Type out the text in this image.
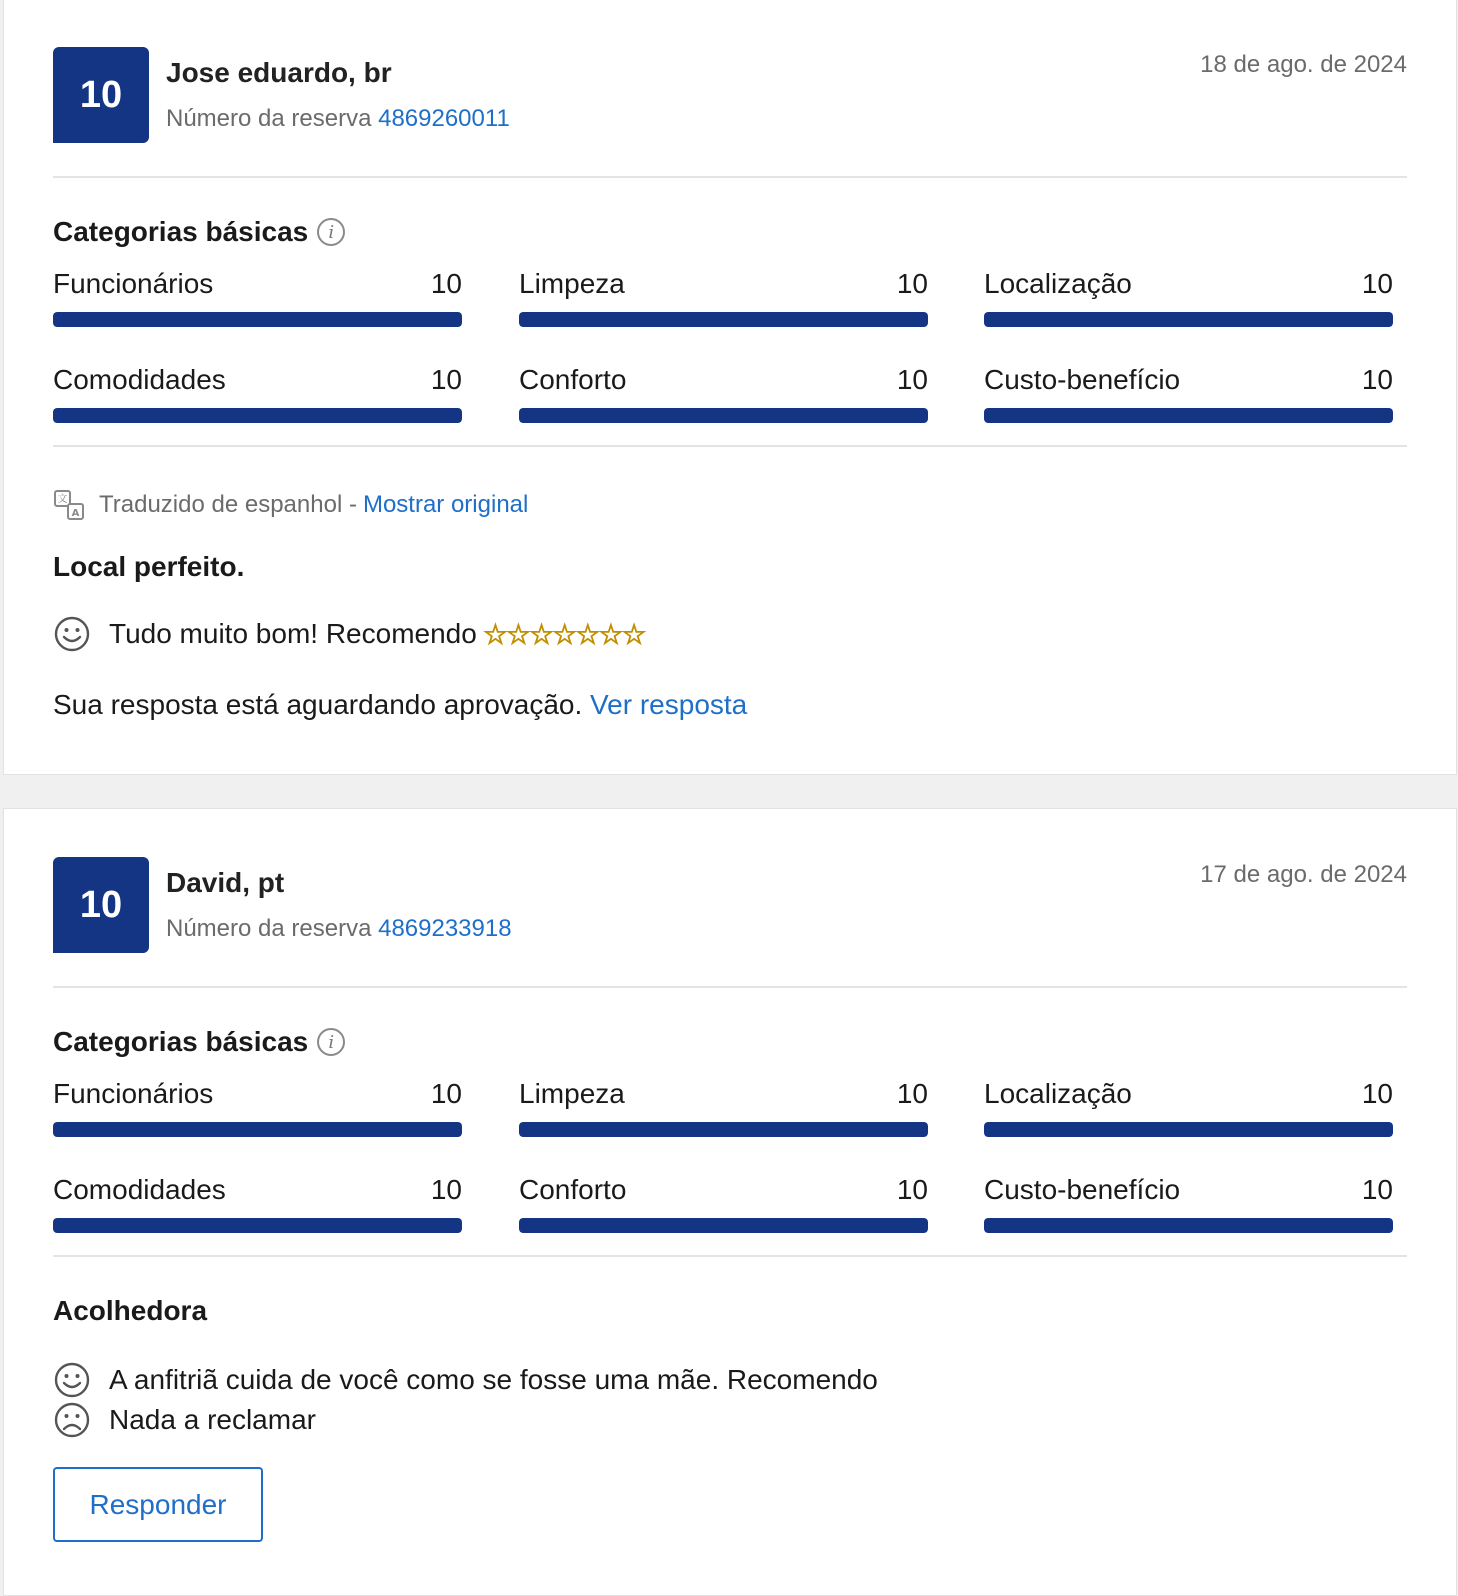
10
Jose eduardo, br
Número da reserva 4869260011
18 de ago. de 2024
Categorias básicas	i
Funcionários	10 Limpeza	10 Localização	10
Comodidades	10 Conforto	10 Custo-benefício	10
文
A Traduzido de espanhol - Mostrar original
Local perfeito.
Tudo muito bom! Recomendo ☆☆☆☆☆☆☆
Sua resposta está aguardando aprovação. Ver resposta
10
David, pt
Número da reserva 4869233918
17 de ago. de 2024
Categorias básicas	i
Funcionários	10 Limpeza	10 Localização	10
Comodidades	10 Conforto	10 Custo-benefício	10
Acolhedora
A anfitriã cuida de você como se fosse uma mãe. Recomendo
Nada a reclamar
Responder
